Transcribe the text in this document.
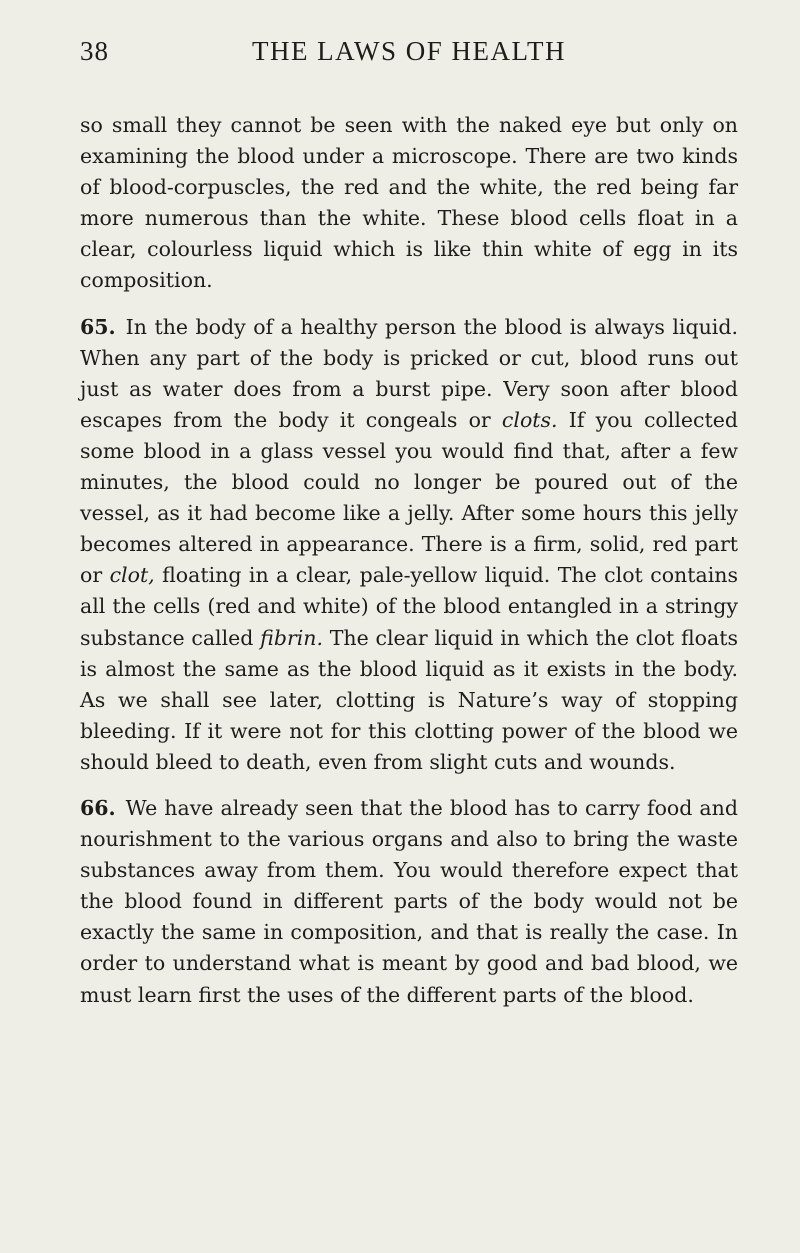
38	THE LAWS OF HEALTH

so small they cannot be seen with the naked eye but only on examining the blood under a microscope. There are two kinds of blood-corpuscles, the red and the white, the red being far more numerous than the white. These blood cells float in a clear, colourless liquid which is like thin white of egg in its composition.

65. In the body of a healthy person the blood is always liquid. When any part of the body is pricked or cut, blood runs out just as water does from a burst pipe. Very soon after blood escapes from the body it congeals or clots. If you collected some blood in a glass vessel you would find that, after a few minutes, the blood could no longer be poured out of the vessel, as it had become like a jelly. After some hours this jelly becomes altered in appearance. There is a firm, solid, red part or clot, floating in a clear, pale-yellow liquid. The clot contains all the cells (red and white) of the blood entangled in a stringy substance called fibrin. The clear liquid in which the clot floats is almost the same as the blood liquid as it exists in the body. As we shall see later, clotting is Nature’s way of stopping bleeding. If it were not for this clotting power of the blood we should bleed to death, even from slight cuts and wounds.

66. We have already seen that the blood has to carry food and nourishment to the various organs and also to bring the waste substances away from them. You would therefore expect that the blood found in different parts of the body would not be exactly the same in composition, and that is really the case. In order to understand what is meant by good and bad blood, we must learn first the uses of the different parts of the blood.
